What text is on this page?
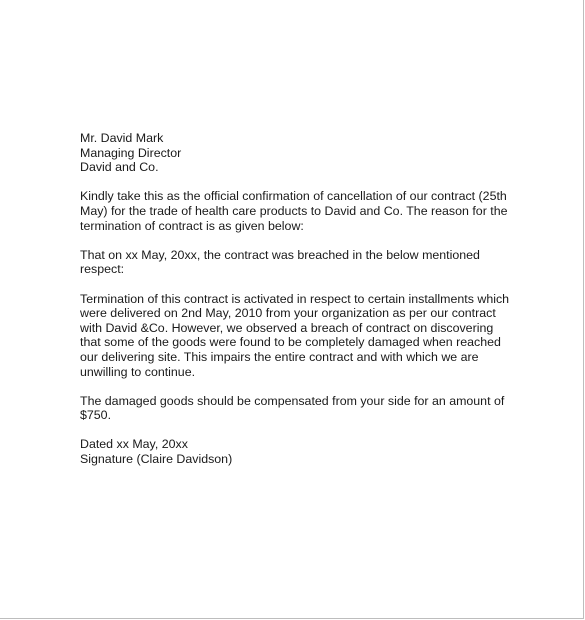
Mr. David Mark

Managing Director

David and Co.

Kindly take this as the official confirmation of cancellation of our contract (25th
May) for the trade of health care products to David and Co. The reason for the
termination of contract is as given below:

That on xx May, 20xx, the contract was breached in the below mentioned
respect:

Termination of this contract is activated in respect to certain installments which
were delivered on 2nd May, 2010 from your organization as per our contract
with David &Co. However, we observed a breach of contract on discovering
that some of the goods were found to be completely damaged when reached
our delivering site. This impairs the entire contract and with which we are
unwilling to continue.

The damaged goods should be compensated from your side for an amount of
$750.

Dated xx May, 20xx

Signature (Claire Davidson)
